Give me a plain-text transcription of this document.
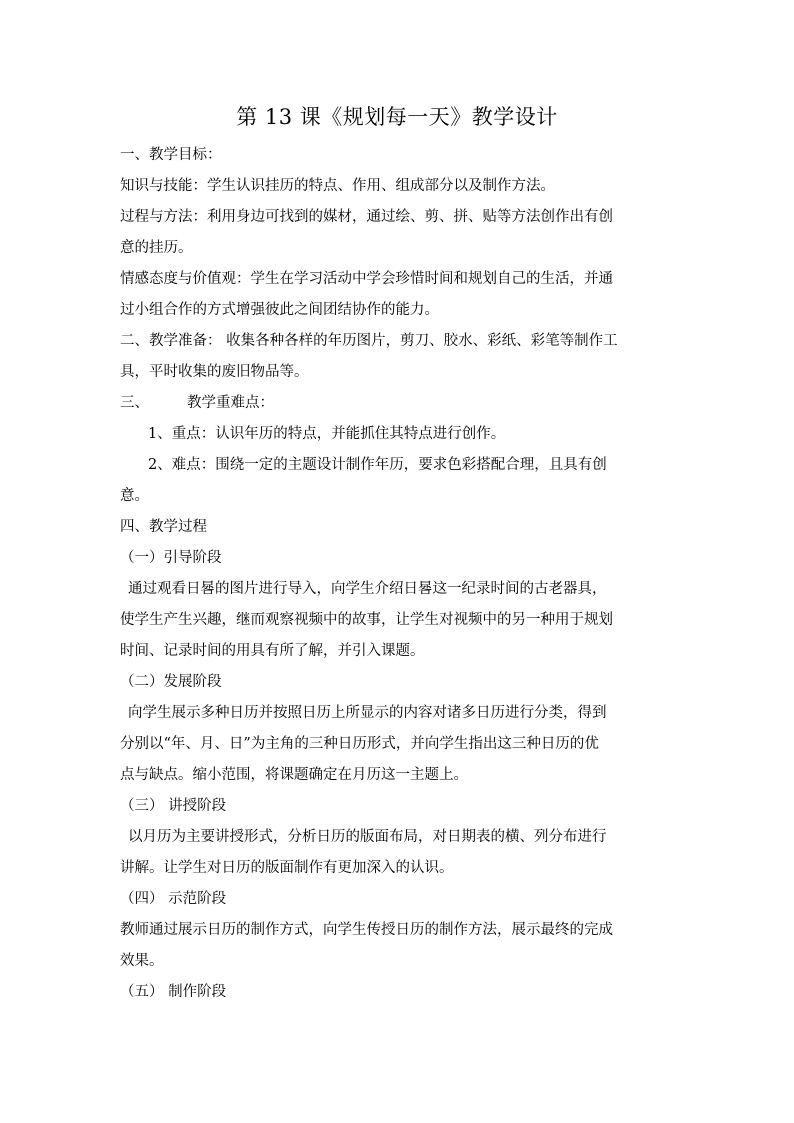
第 13 课《规划每一天》教学设计

一、教学目标：

知识与技能：学生认识挂历的特点、作用、组成部分以及制作方法。

过程与方法：利用身边可找到的媒材，通过绘、剪、拼、贴等方法创作出有创

意的挂历。

情感态度与价值观：学生在学习活动中学会珍惜时间和规划自己的生活，并通

过小组合作的方式增强彼此之间团结协作的能力。

二、教学准备： 收集各种各样的年历图片，剪刀、胶水、彩纸、彩笔等制作工

具，平时收集的废旧物品等。

三、	教学重难点：

1、重点：认识年历的特点，并能抓住其特点进行创作。

2、难点：围绕一定的主题设计制作年历，要求色彩搭配合理，且具有创

意。

四、教学过程

（一）引导阶段

通过观看日晷的图片进行导入，向学生介绍日晷这一纪录时间的古老器具，

使学生产生兴趣，继而观察视频中的故事，让学生对视频中的另一种用于规划

时间、记录时间的用具有所了解，并引入课题。

（二）发展阶段

向学生展示多种日历并按照日历上所显示的内容对诸多日历进行分类，得到

分别以“年、月、日”为主角的三种日历形式，并向学生指出这三种日历的优

点与缺点。缩小范围，将课题确定在月历这一主题上。

（三） 讲授阶段

以月历为主要讲授形式，分析日历的版面布局，对日期表的横、列分布进行

讲解。让学生对日历的版面制作有更加深入的认识。

（四） 示范阶段

教师通过展示日历的制作方式，向学生传授日历的制作方法，展示最终的完成

效果。

（五） 制作阶段
